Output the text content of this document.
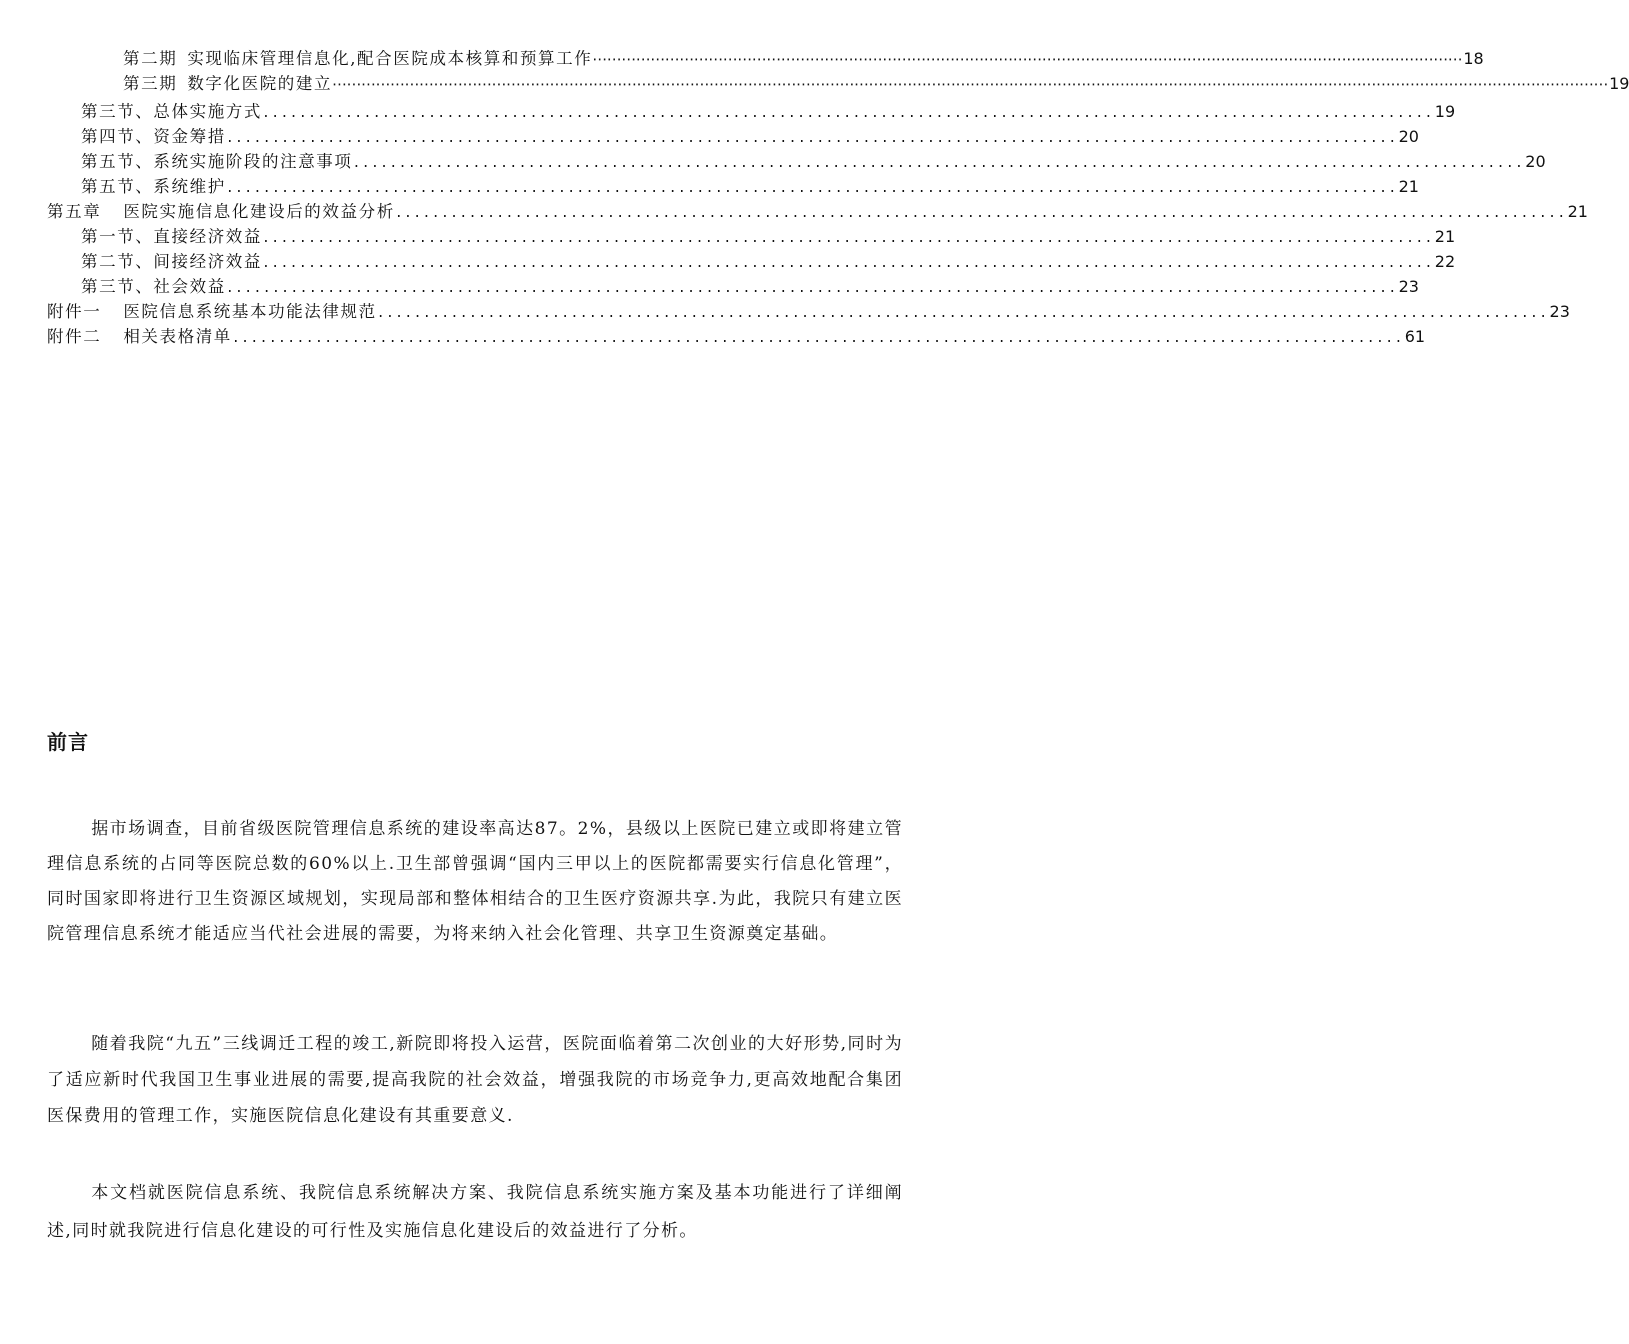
第二期 实现临床管理信息化,配合医院成本核算和预算工作 ⋯⋯⋯⋯⋯⋯⋯⋯⋯⋯⋯⋯⋯⋯⋯⋯⋯⋯⋯⋯⋯⋯⋯⋯⋯⋯⋯⋯⋯⋯⋯⋯⋯⋯⋯⋯⋯⋯⋯⋯⋯⋯⋯⋯⋯⋯⋯⋯⋯⋯⋯⋯⋯⋯⋯⋯⋯⋯⋯⋯ 18
第三期 数字化医院的建立 ⋯⋯⋯⋯⋯⋯⋯⋯⋯⋯⋯⋯⋯⋯⋯⋯⋯⋯⋯⋯⋯⋯⋯⋯⋯⋯⋯⋯⋯⋯⋯⋯⋯⋯⋯⋯⋯⋯⋯⋯⋯⋯⋯⋯⋯⋯⋯⋯⋯⋯⋯⋯⋯⋯⋯⋯⋯⋯⋯⋯⋯⋯⋯⋯⋯⋯⋯⋯⋯⋯⋯⋯⋯⋯⋯⋯⋯⋯⋯⋯⋯⋯⋯⋯⋯⋯⋯⋯ 19
第三节、总体实施方式 ............................................................................................................................... 19
第四节、资金筹措 ............................................................................................................................... 20
第五节、系统实施阶段的注意事项 ............................................................................................................................... 20
第五节、系统维护 ............................................................................................................................... 21
第五章 医院实施信息化建设后的效益分析 ............................................................................................................................... 21
第一节、直接经济效益 ............................................................................................................................... 21
第二节、间接经济效益 ............................................................................................................................... 22
第三节、社会效益 ............................................................................................................................... 23
附件一 医院信息系统基本功能法律规范 ............................................................................................................................... 23
附件二 相关表格清单 ............................................................................................................................... 61
前言

据市场调查，目前省级医院管理信息系统的建设率高达87。2%，县级以上医院已建立或即将建立管理信息系统的占同等医院总数的60%以上.卫生部曾强调“国内三甲以上的医院都需要实行信息化管理”，同时国家即将进行卫生资源区域规划，实现局部和整体相结合的卫生医疗资源共享.为此，我院只有建立医院管理信息系统才能适应当代社会进展的需要，为将来纳入社会化管理、共享卫生资源奠定基础。

随着我院“九五”三线调迁工程的竣工,新院即将投入运营，医院面临着第二次创业的大好形势,同时为了适应新时代我国卫生事业进展的需要,提高我院的社会效益，增强我院的市场竞争力,更高效地配合集团医保费用的管理工作，实施医院信息化建设有其重要意义.

本文档就医院信息系统、我院信息系统解决方案、我院信息系统实施方案及基本功能进行了详细阐述,同时就我院进行信息化建设的可行性及实施信息化建设后的效益进行了分析。
